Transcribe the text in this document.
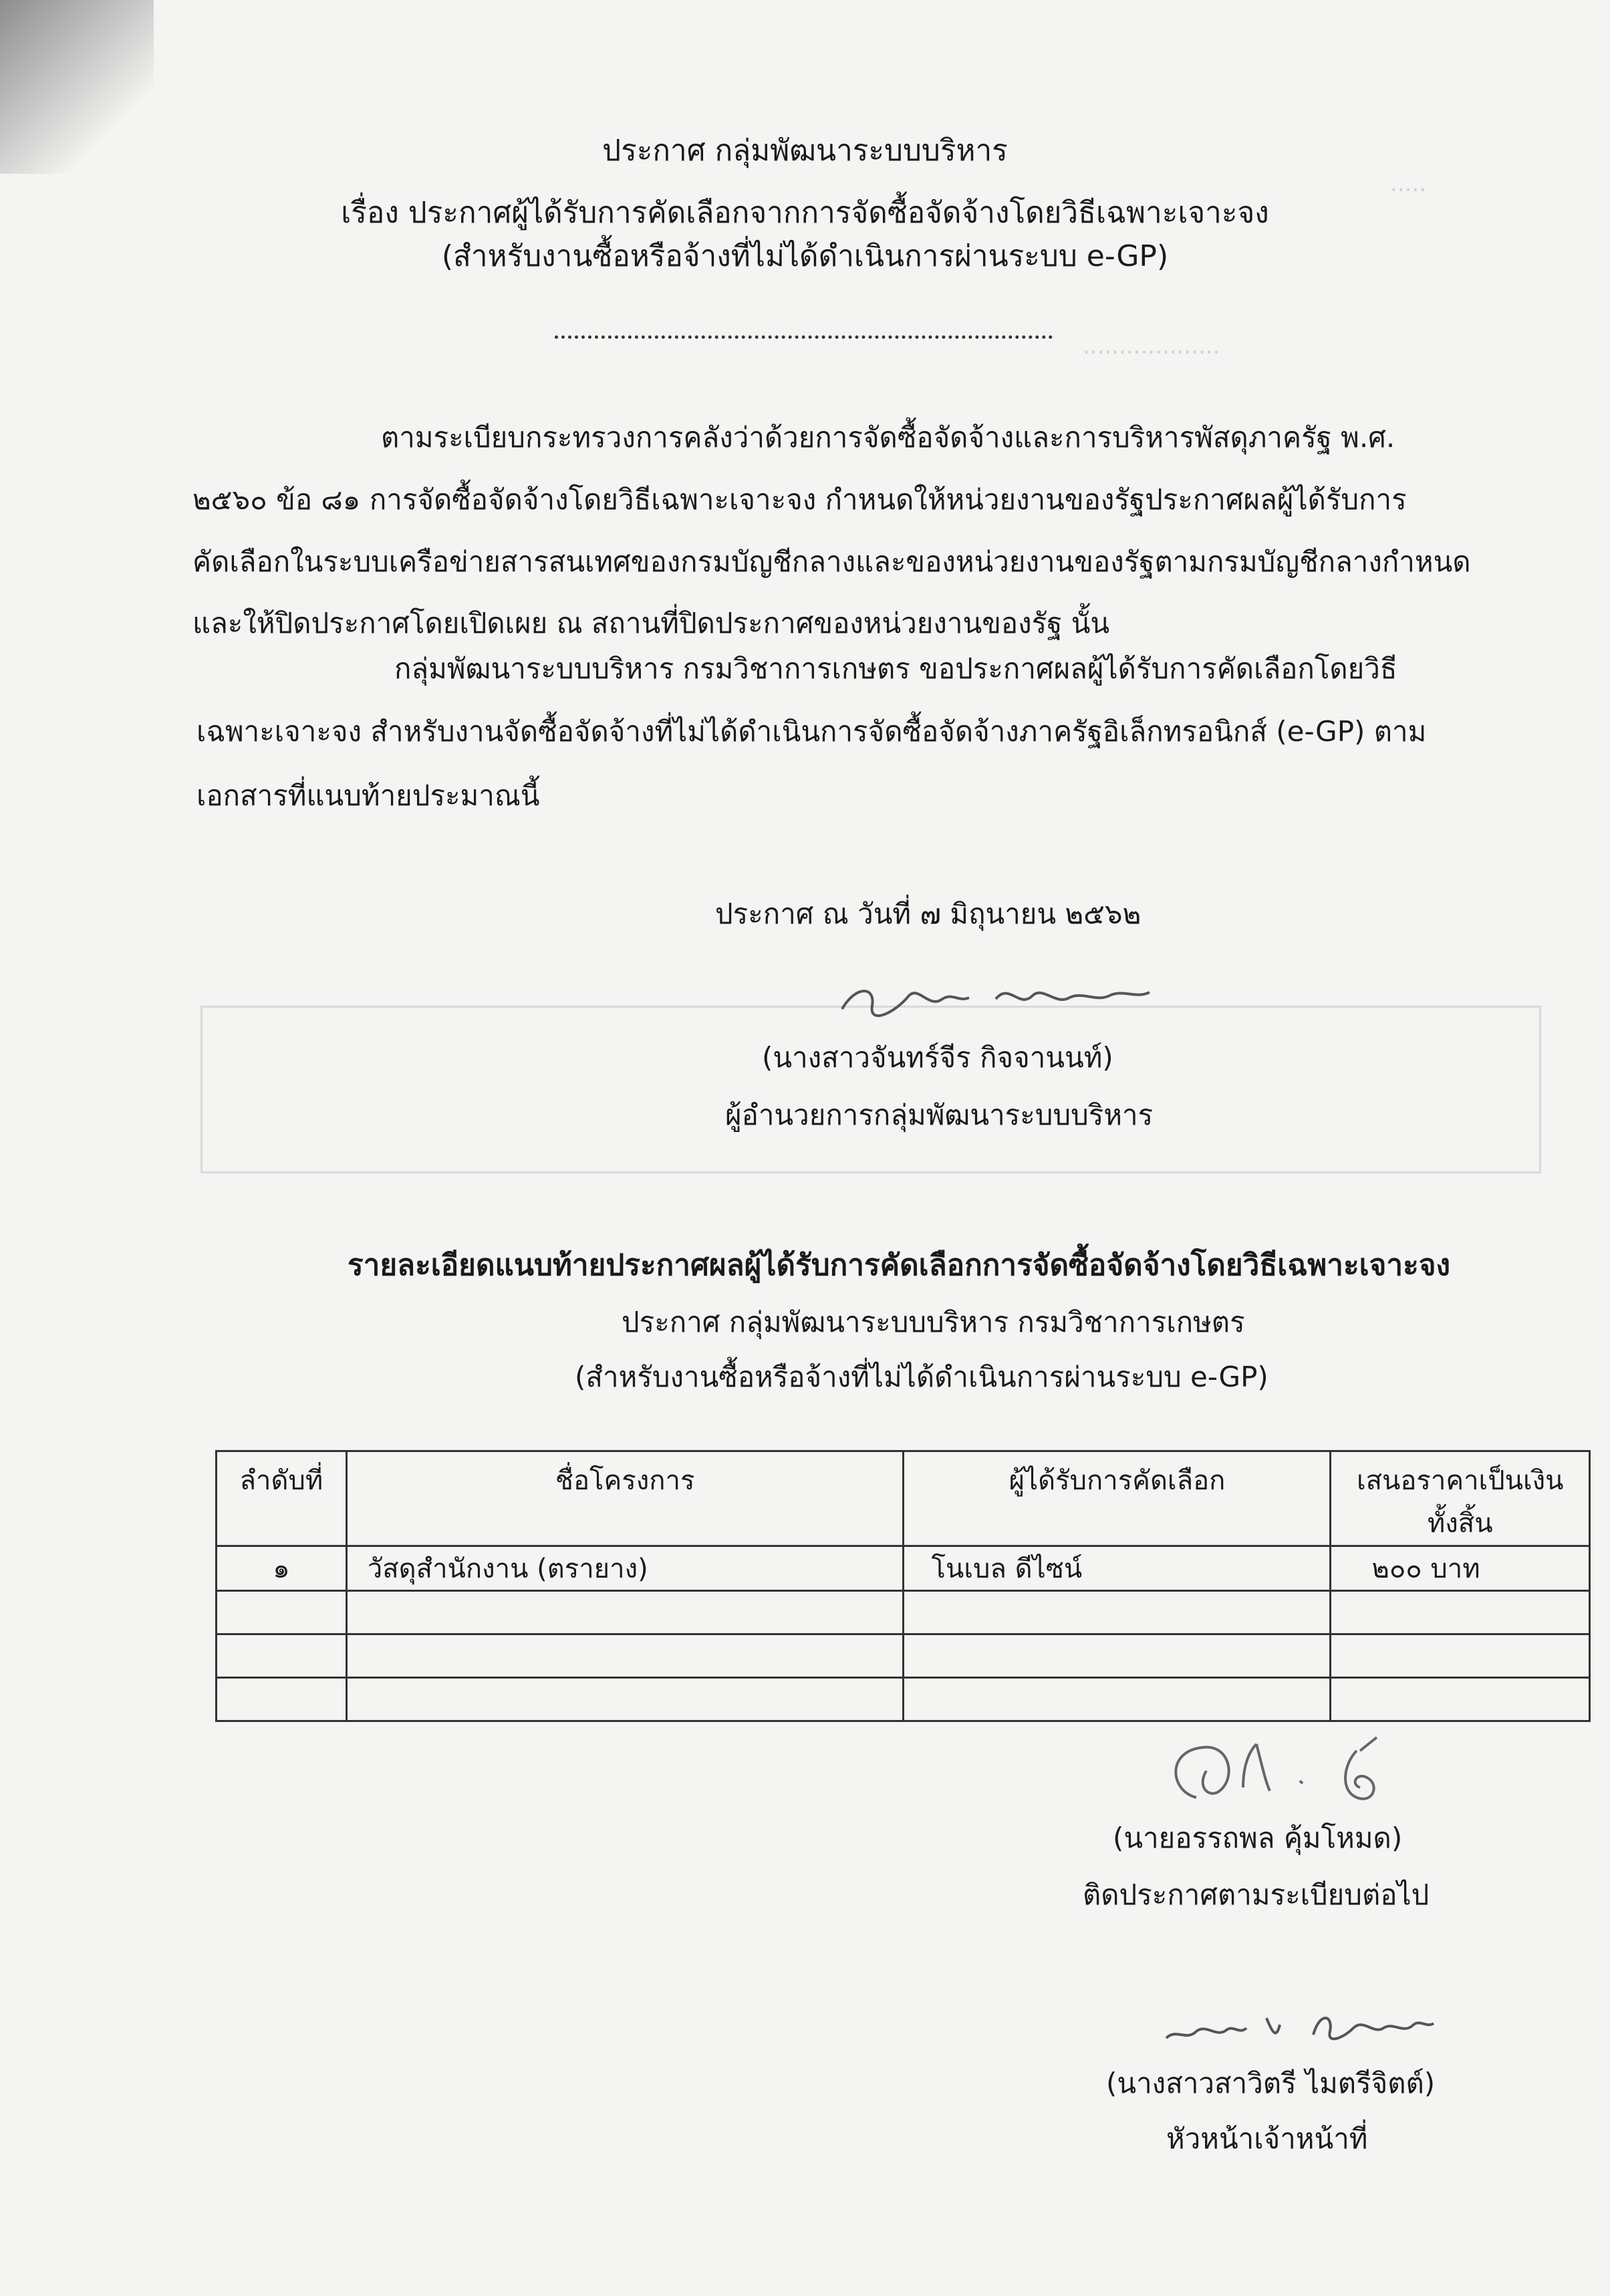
...................
.....
ประกาศ กลุ่มพัฒนาระบบบริหาร
เรื่อง ประกาศผู้ได้รับการคัดเลือกจากการจัดซื้อจัดจ้างโดยวิธีเฉพาะเจาะจง
(สำหรับงานซื้อหรือจ้างที่ไม่ได้ดำเนินการผ่านระบบ e-GP)
ตามระเบียบกระทรวงการคลังว่าด้วยการจัดซื้อจัดจ้างและการบริหารพัสดุภาครัฐ พ.ศ.
๒๕๖๐ ข้อ ๘๑ การจัดซื้อจัดจ้างโดยวิธีเฉพาะเจาะจง กำหนดให้หน่วยงานของรัฐประกาศผลผู้ได้รับการ
คัดเลือกในระบบเครือข่ายสารสนเทศของกรมบัญชีกลางและของหน่วยงานของรัฐตามกรมบัญชีกลางกำหนด
และให้ปิดประกาศโดยเปิดเผย ณ สถานที่ปิดประกาศของหน่วยงานของรัฐ นั้น
กลุ่มพัฒนาระบบบริหาร กรมวิชาการเกษตร ขอประกาศผลผู้ได้รับการคัดเลือกโดยวิธี
เฉพาะเจาะจง สำหรับงานจัดซื้อจัดจ้างที่ไม่ได้ดำเนินการจัดซื้อจัดจ้างภาครัฐอิเล็กทรอนิกส์ (e-GP) ตาม
เอกสารที่แนบท้ายประมาณนี้
ประกาศ ณ วันที่ ๗ มิถุนายน ๒๕๖๒
(นางสาวจันทร์จีร กิจจานนท์)
ผู้อำนวยการกลุ่มพัฒนาระบบบริหาร
รายละเอียดแนบท้ายประกาศผลผู้ได้รับการคัดเลือกการจัดซื้อจัดจ้างโดยวิธีเฉพาะเจาะจง
ประกาศ กลุ่มพัฒนาระบบบริหาร กรมวิชาการเกษตร
(สำหรับงานซื้อหรือจ้างที่ไม่ได้ดำเนินการผ่านระบบ e-GP)
ลำดับที่	ชื่อโครงการ	ผู้ได้รับการคัดเลือก	เสนอราคาเป็นเงิน
ทั้งสิ้น

๑	วัสดุสำนักงาน (ตรายาง)	โนเบล ดีไซน์	๒๐๐ บาท

(นายอรรถพล คุ้มโหมด)
ติดประกาศตามระเบียบต่อไป
(นางสาวสาวิตรี ไมตรีจิตต์)
หัวหน้าเจ้าหน้าที่
